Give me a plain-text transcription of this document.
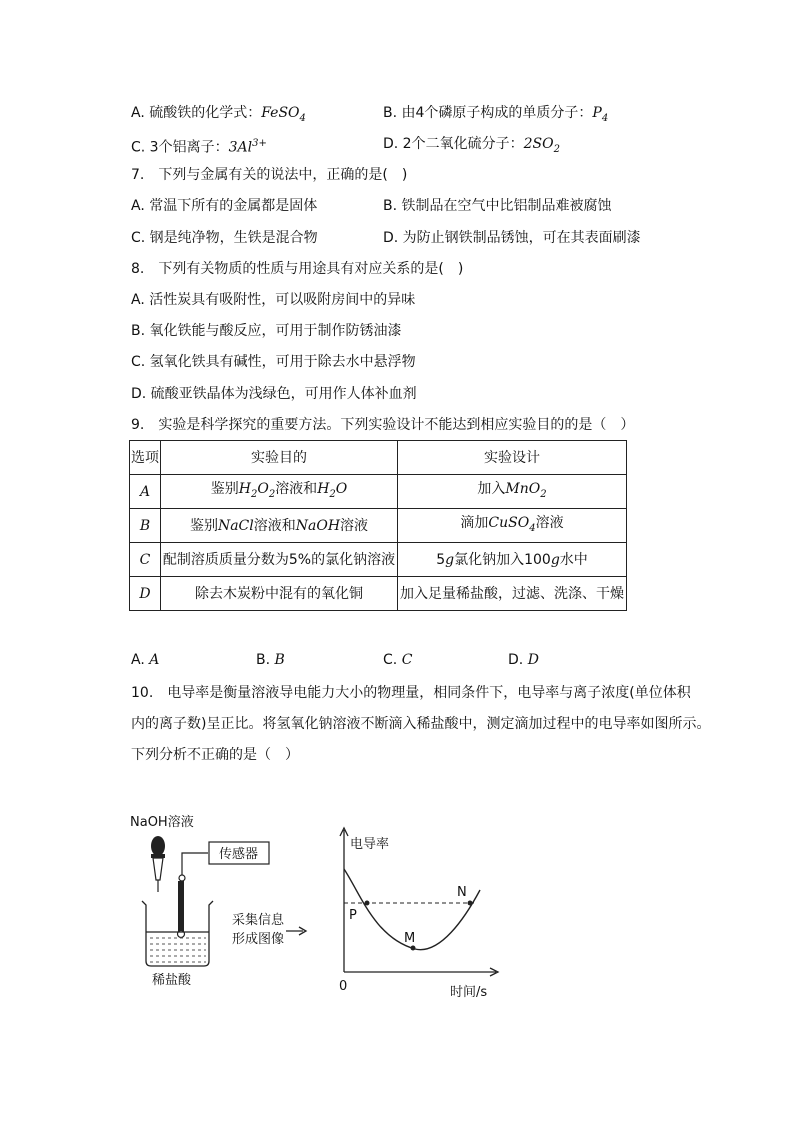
A. 硫酸铁的化学式：FeSO$_4$	B. 由4个磷原子构成的单质分子：$P_4$
C. 3个铝离子：$3Al^{3+}$	D. 2个二氧化硫分子：$2SO_2$
7.　下列与金属有关的说法中，正确的是(　)
A. 常温下所有的金属都是固体	B. 铁制品在空气中比铝制品难被腐蚀
C. 钢是纯净物，生铁是混合物	D. 为防止钢铁制品锈蚀，可在其表面刷漆
8.　下列有关物质的性质与用途具有对应关系的是(　)
A. 活性炭具有吸附性，可以吸附房间中的异味
B. 氧化铁能与酸反应，可用于制作防锈油漆
C. 氢氧化铁具有碱性，可用于除去水中悬浮物
D. 硫酸亚铁晶体为浅绿色，可用作人体补血剂
9.　实验是科学探究的重要方法。下列实验设计不能达到相应实验目的的是（　）
选项	实验目的	实验设计
A	鉴别$H_2O_2$溶液和$H_2O$	加入MnO$_2$
B	鉴别NaCl溶液和NaOH溶液	滴加CuSO$_4$溶液
C	配制溶质质量分数为5%的氯化钠溶液	5g氯化钠加入100g水中
D	除去木炭粉中混有的氧化铜	加入足量稀盐酸，过滤、洗涤、干燥
A. A	B. B	C. C	D. D
10.　电导率是衡量溶液导电能力大小的物理量，相同条件下，电导率与离子浓度(单位体积
内的离子数)呈正比。将氢氧化钠溶液不断滴入稀盐酸中，测定滴加过程中的电导率如图所示。
下列分析不正确的是（　）
NaOH溶液
传感器
稀盐酸
采集信息
形成图像
电导率
时间/s
0
P
M
N
